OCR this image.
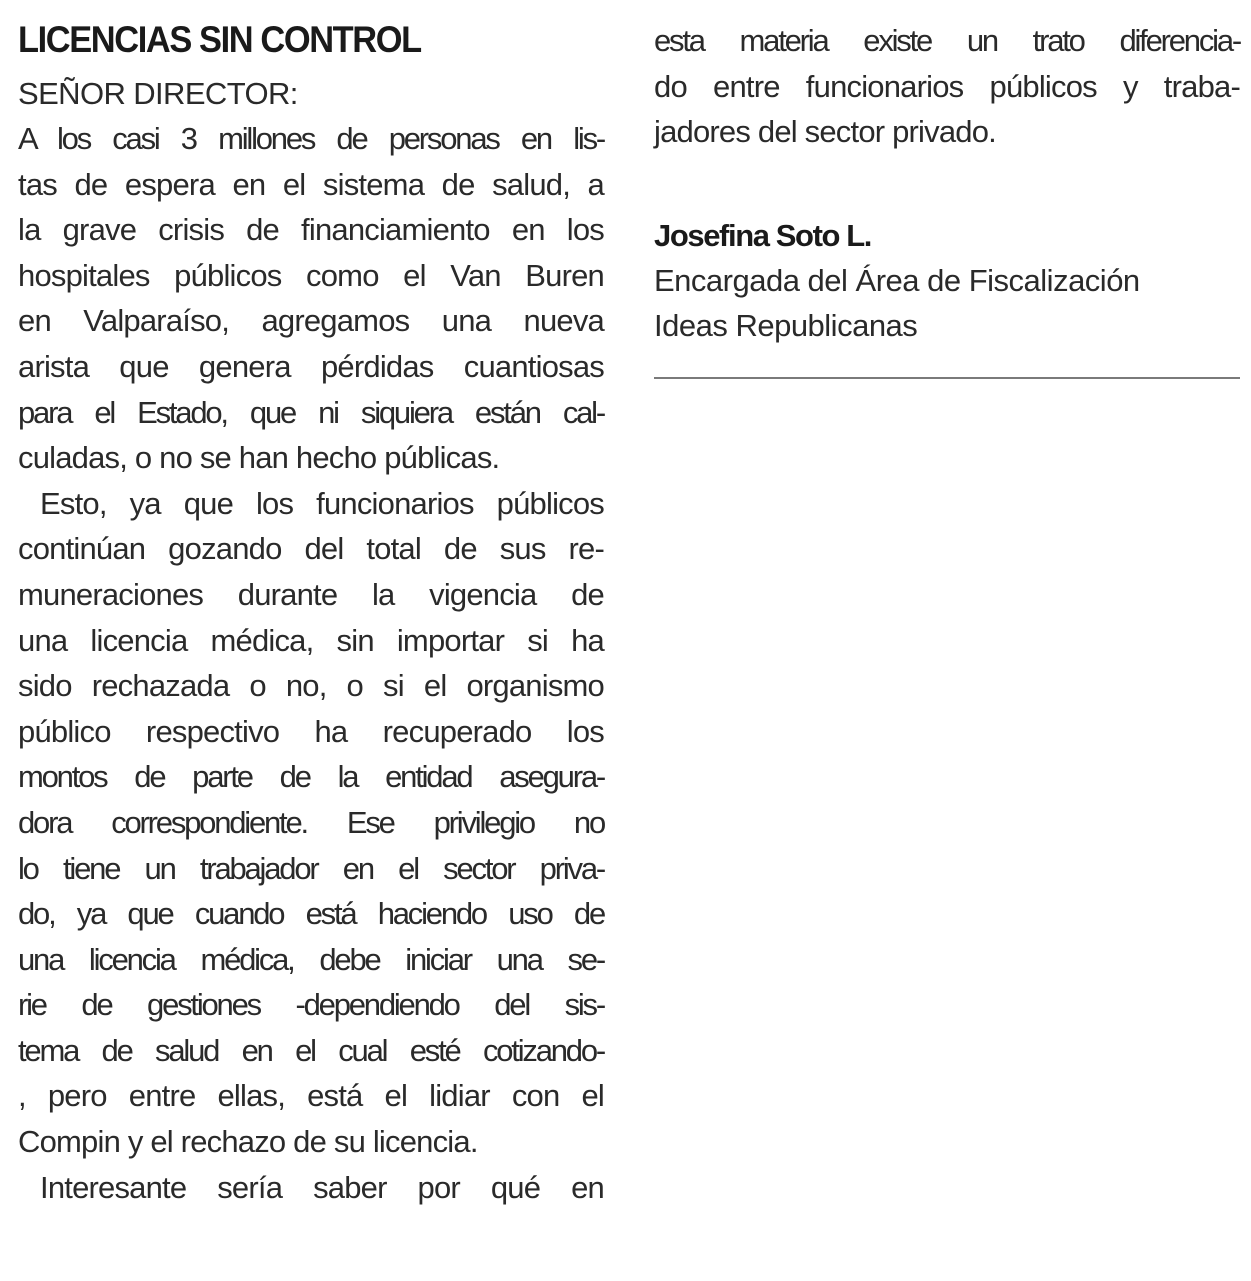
LICENCIAS SIN CONTROL
SEÑOR DIRECTOR:
A los casi 3 millones de personas en lis-
tas de espera en el sistema de salud, a
la grave crisis de financiamiento en los
hospitales públicos como el Van Buren
en Valparaíso, agregamos una nueva
arista que genera pérdidas cuantiosas
para el Estado, que ni siquiera están cal-
culadas, o no se han hecho públicas.
Esto, ya que los funcionarios públicos
continúan gozando del total de sus re-
muneraciones durante la vigencia de
una licencia médica, sin importar si ha
sido rechazada o no, o si el organismo
público respectivo ha recuperado los
montos de parte de la entidad asegura-
dora correspondiente. Ese privilegio no
lo tiene un trabajador en el sector priva-
do, ya que cuando está haciendo uso de
una licencia médica, debe iniciar una se-
rie de gestiones -dependiendo del sis-
tema de salud en el cual esté cotizando-
, pero entre ellas, está el lidiar con el
Compin y el rechazo de su licencia.
Interesante sería saber por qué en
esta materia existe un trato diferencia-
do entre funcionarios públicos y traba-
jadores del sector privado.
Josefina Soto L.
Encargada del Área de Fiscalización
Ideas Republicanas
